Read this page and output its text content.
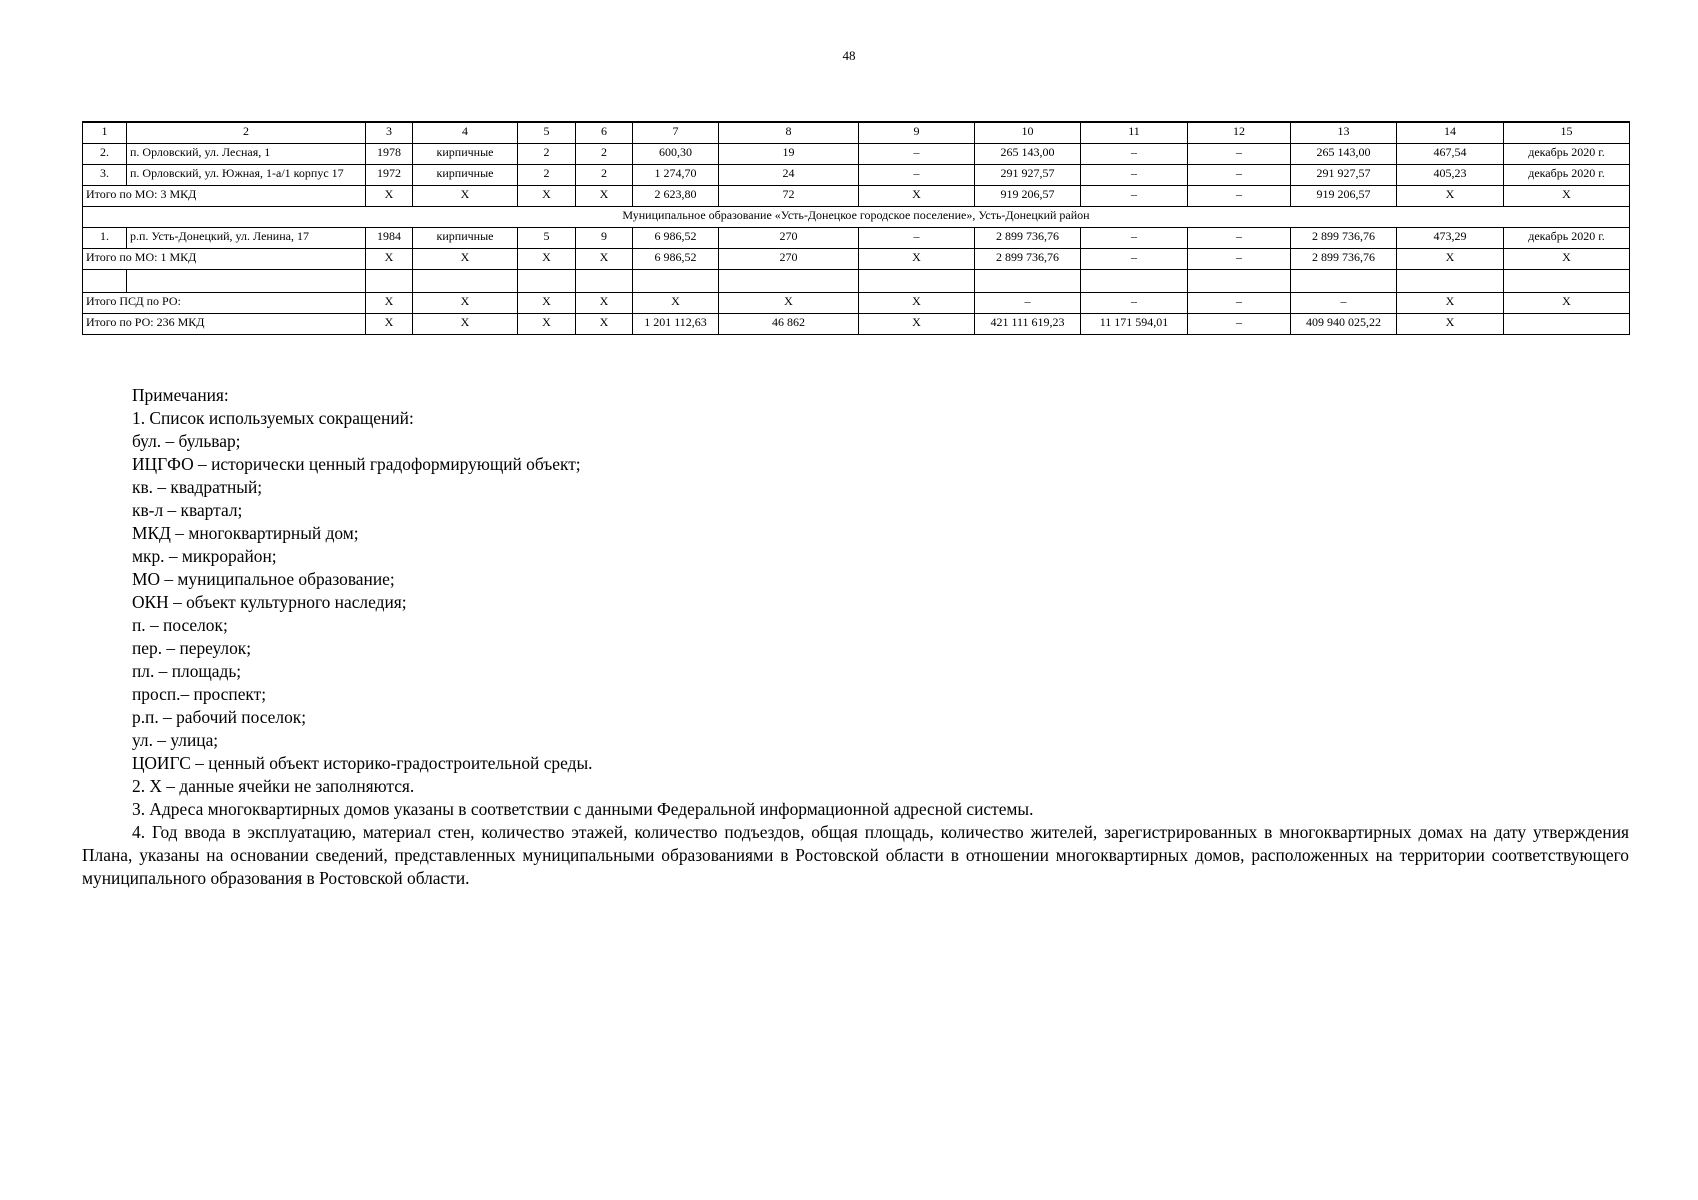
48
1	2	3	4	5	6	7	8	9	10	11	12	13	14	15
2.	п. Орловский, ул. Лесная, 1	1978	кирпичные	2	2	600,30	19	–	265 143,00	–	–	265 143,00	467,54	декабрь 2020 г.
3.	п. Орловский, ул. Южная, 1-а/1 корпус 17	1972	кирпичные	2	2	1 274,70	24	–	291 927,57	–	–	291 927,57	405,23	декабрь 2020 г.
Итого по МО: 3 МКД		X	X	X	X	2 623,80	72	X	919 206,57	–	–	919 206,57	X	X
Муниципальное образование «Усть-Донецкое городское поселение», Усть-Донецкий район														
1.	р.п. Усть-Донецкий, ул. Ленина, 17	1984	кирпичные	5	9	6 986,52	270	–	2 899 736,76	–	–	2 899 736,76	473,29	декабрь 2020 г.
Итого по МО: 1 МКД		X	X	X	X	6 986,52	270	X	2 899 736,76	–	–	2 899 736,76	X	X

Итого ПСД по РО:		X	X	X	X	X	X	X	–	–	–	–	X	X
Итого по РО: 236 МКД		X	X	X	X	1 201 112,63	46 862	X	421 111 619,23	11 171 594,01	–	409 940 025,22	X	

Примечания:

1. Список используемых сокращений:

бул. – бульвар;

ИЦГФО – исторически ценный градоформирующий объект;

кв. – квадратный;

кв-л – квартал;

МКД – многоквартирный дом;

мкр. – микрорайон;

МО – муниципальное образование;

ОКН – объект культурного наследия;

п. – поселок;

пер. – переулок;

пл. – площадь;

просп.– проспект;

р.п. – рабочий поселок;

ул. – улица;

ЦОИГС – ценный объект историко-градостроительной среды.

2. X – данные ячейки не заполняются.

3. Адреса многоквартирных домов указаны в соответствии с данными Федеральной информационной адресной системы.

4. Год ввода в эксплуатацию, материал стен, количество этажей, количество подъездов, общая площадь, количество жителей, зарегистрированных в многоквартирных домах на дату утверждения Плана, указаны на основании сведений, представленных муниципальными образованиями в Ростовской области в отношении многоквартирных домов, расположенных на территории соответствующего муниципального образования в Ростовской области.
